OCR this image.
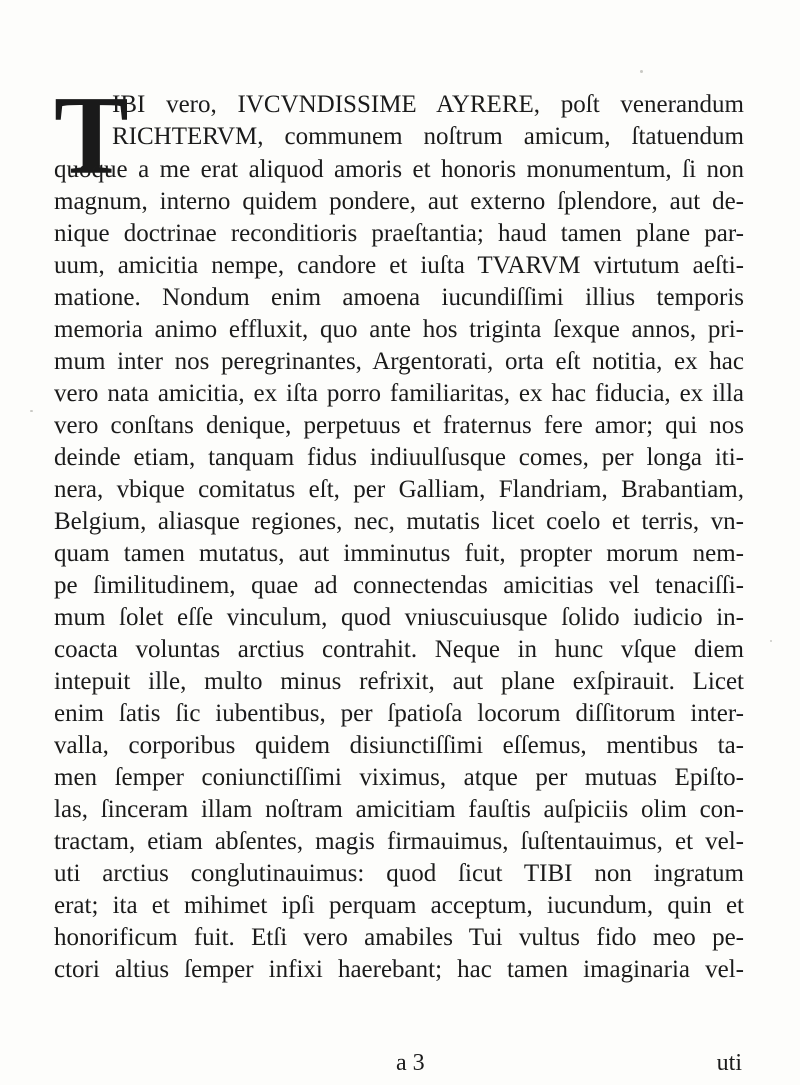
T
IBI vero, IVCVNDISSIME AYRERE, poſt venerandum
RICHTERVM, communem noſtrum amicum, ſtatuendum
quoque a me erat aliquod amoris et honoris monumentum, ſi non
magnum, interno quidem pondere, aut externo ſplendore, aut de-
nique doctrinae reconditioris praeſtantia; haud tamen plane par-
uum, amicitia nempe, candore et iuſta TVARVM virtutum aeſti-
matione. Nondum enim amoena iucundiſſimi illius temporis
memoria animo effluxit, quo ante hos triginta ſexque annos, pri-
mum inter nos peregrinantes, Argentorati, orta eſt notitia, ex hac
vero nata amicitia, ex iſta porro familiaritas, ex hac fiducia, ex illa
vero conſtans denique, perpetuus et fraternus fere amor; qui nos
deinde etiam, tanquam fidus indiuulſusque comes, per longa iti-
nera, vbique comitatus eſt, per Galliam, Flandriam, Brabantiam,
Belgium, aliasque regiones, nec, mutatis licet coelo et terris, vn-
quam tamen mutatus, aut imminutus fuit, propter morum nem-
pe ſimilitudinem, quae ad connectendas amicitias vel tenaciſſi-
mum ſolet eſſe vinculum, quod vniuscuiusque ſolido iudicio in-
coacta voluntas arctius contrahit. Neque in hunc vſque diem
intepuit ille, multo minus refrixit, aut plane exſpirauit. Licet
enim ſatis ſic iubentibus, per ſpatioſa locorum diſſitorum inter-
valla, corporibus quidem disiunctiſſimi eſſemus, mentibus ta-
men ſemper coniunctiſſimi viximus, atque per mutuas Epiſto-
las, ſinceram illam noſtram amicitiam fauſtis auſpiciis olim con-
tractam, etiam abſentes, magis firmauimus, ſuſtentauimus, et vel-
uti arctius conglutinauimus: quod ſicut TIBI non ingratum
erat; ita et mihimet ipſi perquam acceptum, iucundum, quin et
honorificum fuit. Etſi vero amabiles Tui vultus fido meo pe-
ctori altius ſemper infixi haerebant; hac tamen imaginaria vel-
a 3	uti
